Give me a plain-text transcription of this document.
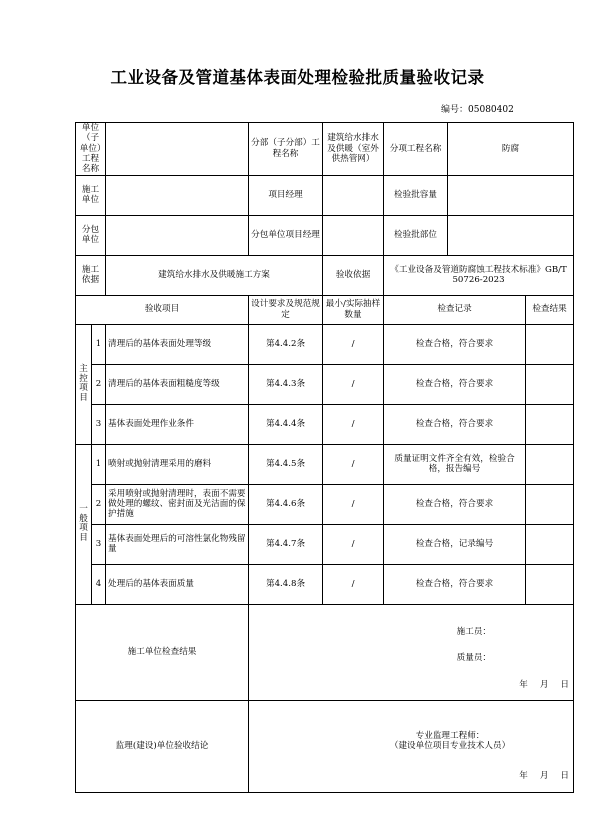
工业设备及管道基体表面处理检验批质量验收记录
编号：05080402
单位（子单位）工程名称			分部（子分部）工程名称	建筑给水排水及供暖（室外供热管网）	分项工程名称	防腐	
施工单位			项目经理		检验批容量		
分包单位			分包单位项目经理		检验批部位		
施工依据		建筑给水排水及供暖施工方案		验收依据	《工业设备及管道防腐蚀工程技术标准》GB/T 50726-2023		
验收项目			设计要求及规范规定	最小/实际抽样数量	检查记录		检查结果
主控项目	1	清理后的基体表面处理等级	第4.4.2条	/	检查合格，符合要求		
	2	清理后的基体表面粗糙度等级	第4.4.3条	/	检查合格，符合要求		
	3	基体表面处理作业条件	第4.4.4条	/	检查合格，符合要求		
一般项目	1	喷射或抛射清理采用的磨料	第4.4.5条	/	质量证明文件齐全有效，检验合格，报告编号		
	2	采用喷射或抛射清理时，表面不需要做处理的螺纹、密封面及光洁面的保护措施	第4.4.6条	/	检查合格，符合要求		
	3	基体表面处理后的可溶性氯化物残留量	第4.4.7条	/	检查合格，记录编号		
	4	处理后的基体表面质量	第4.4.8条	/	检查合格，符合要求		
施工单位检查结果			施工员：
质量员：
年 月 日				

监理(建设)单位验收结论			专业监理工程师：
（建设单位项目专业技术人员）
年 月 日				
